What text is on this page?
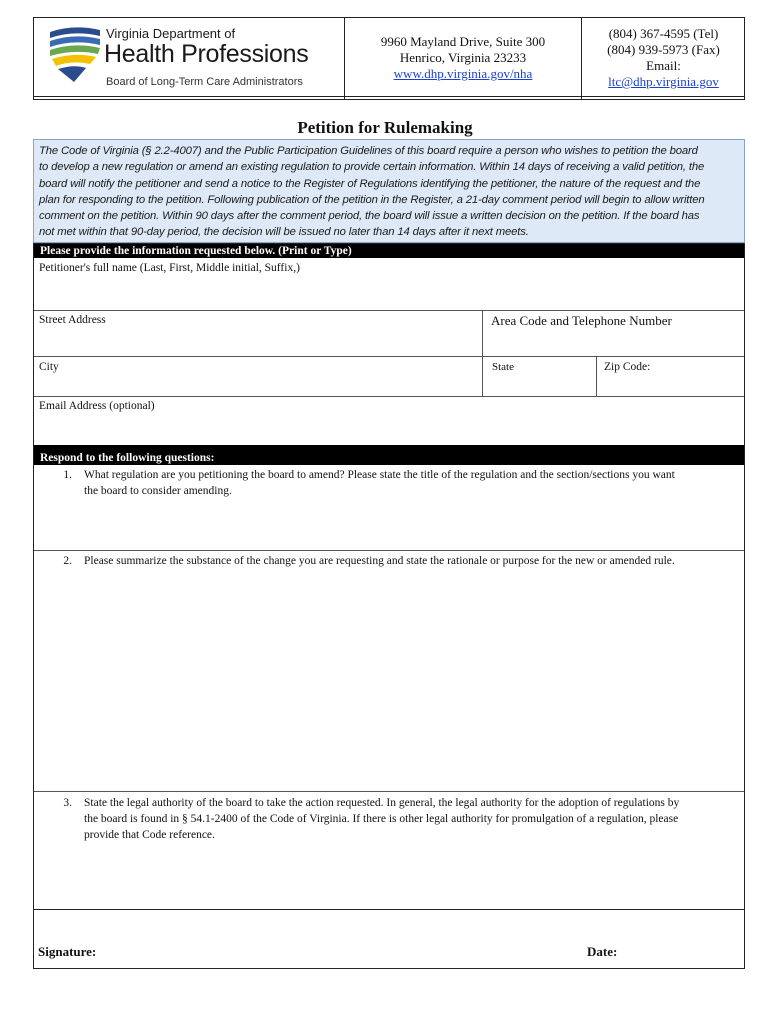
Virginia Department of
Health Professions
Board of Long-Term Care Administrators
9960 Mayland Drive, Suite 300
Henrico, Virginia 23233
www.dhp.virginia.gov/nha
(804) 367-4595 (Tel)
(804) 939-5973 (Fax)
Email:
ltc@dhp.virginia.gov
Petition for Rulemaking
The Code of Virginia (§ 2.2-4007) and the Public Participation Guidelines of this board require a person who wishes to petition the board
to develop a new regulation or amend an existing regulation to provide certain information. Within 14 days of receiving a valid petition, the
board will notify the petitioner and send a notice to the Register of Regulations identifying the petitioner, the nature of the request and the
plan for responding to the petition. Following publication of the petition in the Register, a 21-day comment period will begin to allow written
comment on the petition. Within 90 days after the comment period, the board will issue a written decision on the petition. If the board has
not met within that 90-day period, the decision will be issued no later than 14 days after it next meets.
Please provide the information requested below. (Print or Type)
Petitioner's full name (Last, First, Middle initial, Suffix,)
Street Address	Area Code and Telephone Number
City	State	Zip Code:
Email Address (optional)
Respond to the following questions:
1. What regulation are you petitioning the board to amend? Please state the title of the regulation and the section/sections you want
the board to consider amending.
2. Please summarize the substance of the change you are requesting and state the rationale or purpose for the new or amended rule.
3. State the legal authority of the board to take the action requested. In general, the legal authority for the adoption of regulations by
the board is found in § 54.1-2400 of the Code of Virginia. If there is other legal authority for promulgation of a regulation, please
provide that Code reference.
Signature:	Date:
